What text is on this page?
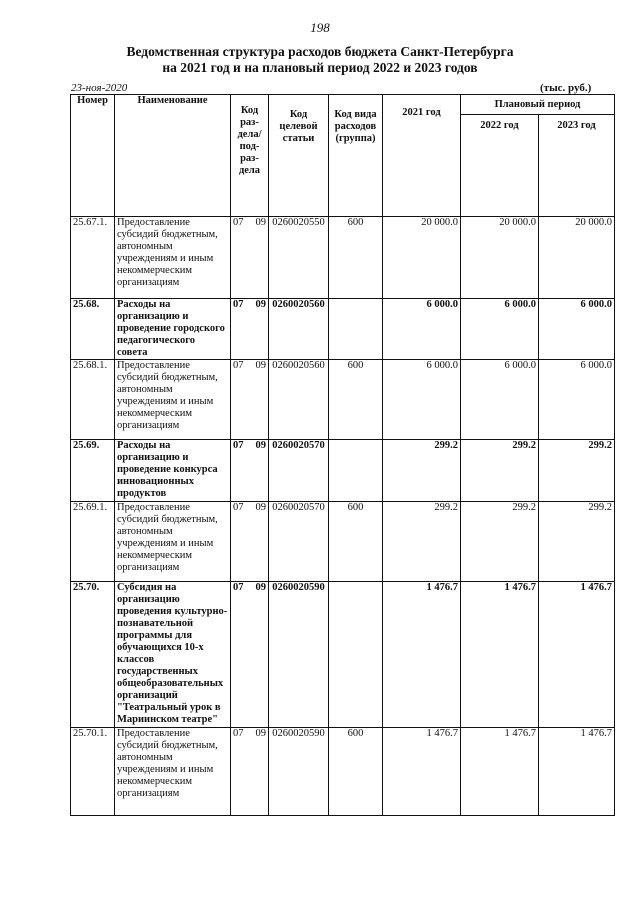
198
Ведомственная структура расходов бюджета Санкт-Петербурга
на 2021 год и на плановый период 2022 и 2023 годов
23-ноя-2020	(тыс. руб.)
Номер	Наименование	Код раз-дела/ под-раз-дела	Код целевой статьи	Код вида расходов (группа)	2021 год	Плановый период	
						2022 год	2023 год
25.67.1.	Предоставление субсидий бюджетным, автономным учреждениям и иным некоммерческим организациям	07 09	0260020550	600	20 000.0	20 000.0	20 000.0
25.68.	Расходы на организацию и проведение городского педагогического совета	07 09	0260020560		6 000.0	6 000.0	6 000.0
25.68.1.	Предоставление субсидий бюджетным, автономным учреждениям и иным некоммерческим организациям	07 09	0260020560	600	6 000.0	6 000.0	6 000.0
25.69.	Расходы на организацию и проведение конкурса инновационных продуктов	07 09	0260020570		299.2	299.2	299.2
25.69.1.	Предоставление субсидий бюджетным, автономным учреждениям и иным некоммерческим организациям	07 09	0260020570	600	299.2	299.2	299.2
25.70.	Субсидия на организацию проведения культурно-познавательной программы для обучающихся 10-х классов государственных общеобразовательных организаций "Театральный урок в Мариинском театре"	07 09	0260020590		1 476.7	1 476.7	1 476.7
25.70.1.	Предоставление субсидий бюджетным, автономным учреждениям и иным некоммерческим организациям	07 09	0260020590	600	1 476.7	1 476.7	1 476.7
